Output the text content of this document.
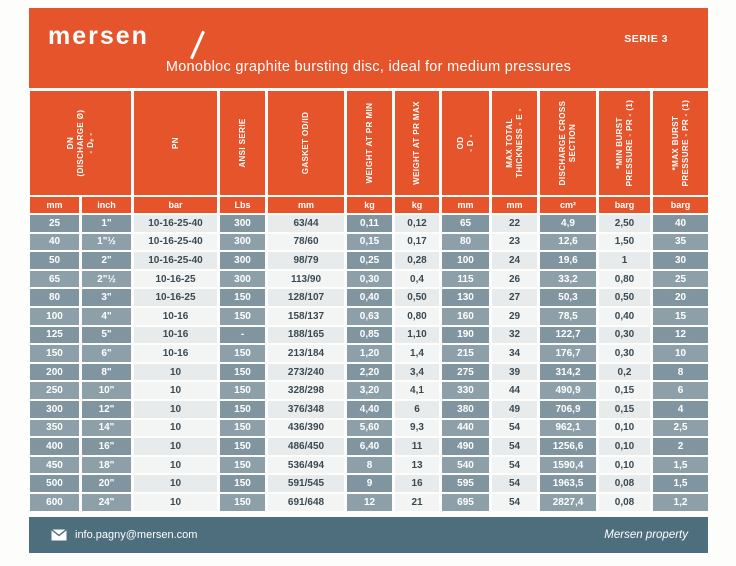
mersen	SERIE 3
Monobloc graphite bursting disc, ideal for medium pressures
DN (DISCHARGE Ø) - Dₑ -	PN	ANSI SERIE	GASKET OD/ID	WEIGHT AT PR MIN	WEIGHT AT PR MAX	OD - D -	MAX TOTAL THICKNESS - E -	DISCHARGE CROSS SECTION	*MIN BURST PRESSURE - PR - (1)	*MAX BURST PRESSURE - PR - (1)

mm	inch	bar	Lbs	mm	kg	kg	mm	mm	cm²	barg	barg
25	1"	10-16-25-40	300	63/44	0,11	0,12	65	22	4,9	2,50	40
40	1"½	10-16-25-40	300	78/60	0,15	0,17	80	23	12,6	1,50	35
50	2"	10-16-25-40	300	98/79	0,25	0,28	100	24	19,6	1	30
65	2"½	10-16-25	300	113/90	0,30	0,4	115	26	33,2	0,80	25
80	3"	10-16-25	150	128/107	0,40	0,50	130	27	50,3	0,50	20
100	4"	10-16	150	158/137	0,63	0,80	160	29	78,5	0,40	15
125	5"	10-16	-	188/165	0,85	1,10	190	32	122,7	0,30	12
150	6"	10-16	150	213/184	1,20	1,4	215	34	176,7	0,30	10
200	8"	10	150	273/240	2,20	3,4	275	39	314,2	0,2	8
250	10"	10	150	328/298	3,20	4,1	330	44	490,9	0,15	6
300	12"	10	150	376/348	4,40	6	380	49	706,9	0,15	4
350	14"	10	150	436/390	5,60	9,3	440	54	962,1	0,10	2,5
400	16"	10	150	486/450	6,40	11	490	54	1256,6	0,10	2
450	18"	10	150	536/494	8	13	540	54	1590,4	0,10	1,5
500	20"	10	150	591/545	9	16	595	54	1963,5	0,08	1,5
600	24"	10	150	691/648	12	21	695	54	2827,4	0,08	1,2
info.pagny@mersen.com	Mersen property
